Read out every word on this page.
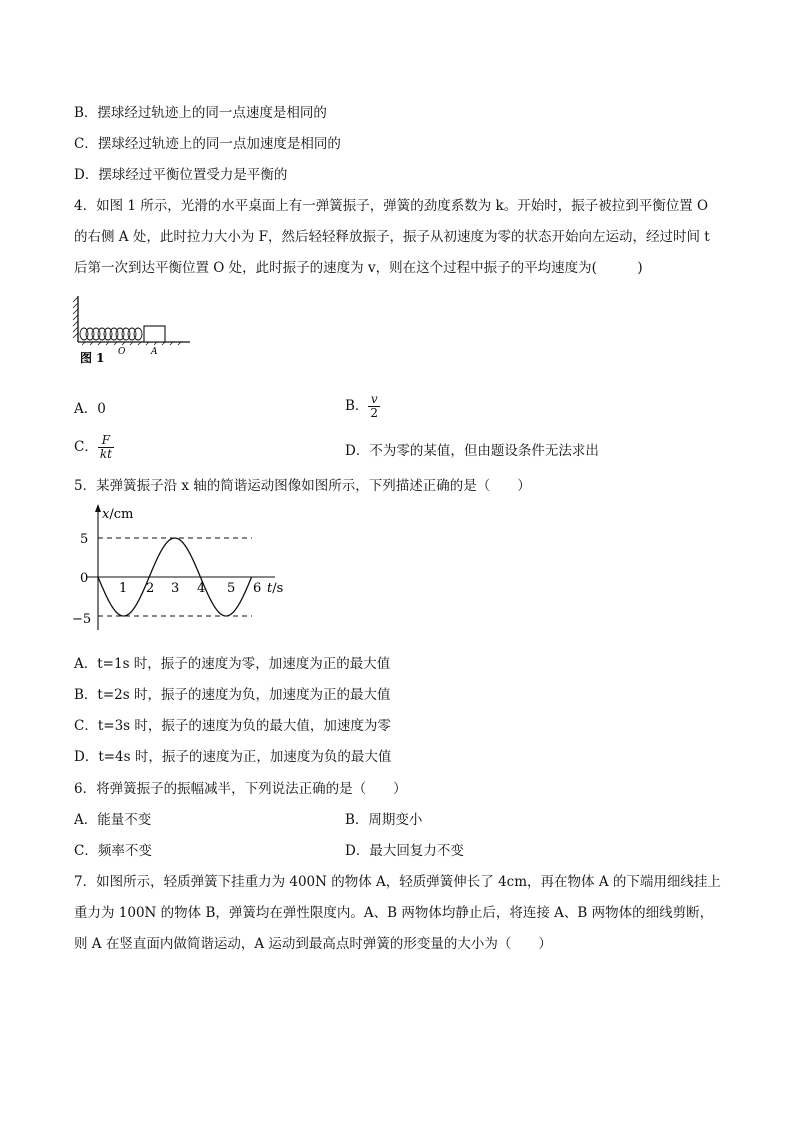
B．摆球经过轨迹上的同一点速度是相同的
C．摆球经过轨迹上的同一点加速度是相同的
D．摆球经过平衡位置受力是平衡的
4．如图 1 所示，光滑的水平桌面上有一弹簧振子，弹簧的劲度系数为 k。开始时，振子被拉到平衡位置 O
的右侧 A 处，此时拉力大小为 F，然后轻轻释放振子，振子从初速度为零的状态开始向左运动，经过时间 t
后第一次到达平衡位置 O 处，此时振子的速度为 v，则在这个过程中振子的平均速度为(　　　)
O	A
图 1
A．0	B． $\frac{v}{2}$
C． $\frac{F}{kt}$	D．不为零的某值，但由题设条件无法求出
5．某弹簧振子沿 x 轴的简谐运动图像如图所示，下列描述正确的是（　　）
x/cm
t/s
5
0
−5
1 2 3 4 5 6
A．t=1s 时，振子的速度为零，加速度为正的最大值
B．t=2s 时，振子的速度为负，加速度为正的最大值
C．t=3s 时，振子的速度为负的最大值，加速度为零
D．t=4s 时，振子的速度为正，加速度为负的最大值
6．将弹簧振子的振幅减半，下列说法正确的是（　　）
A．能量不变	B．周期变小
C．频率不变	D．最大回复力不变
7．如图所示，轻质弹簧下挂重力为 400N 的物体 A，轻质弹簧伸长了 4cm，再在物体 A 的下端用细线挂上
重力为 100N 的物体 B，弹簧均在弹性限度内。A、B 两物体均静止后，将连接 A、B 两物体的细线剪断，
则 A 在竖直面内做简谐运动，A 运动到最高点时弹簧的形变量的大小为（　　）
